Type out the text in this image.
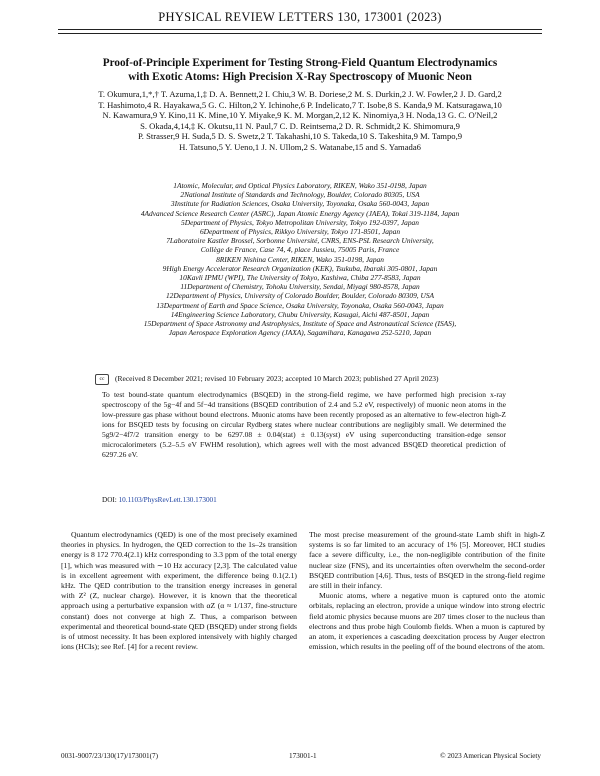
PHYSICAL REVIEW LETTERS 130, 173001 (2023)
Proof-of-Principle Experiment for Testing Strong-Field Quantum Electrodynamics
with Exotic Atoms: High Precision X-Ray Spectroscopy of Muonic Neon
T. Okumura,1,*,† T. Azuma,1,‡ D. A. Bennett,2 I. Chiu,3 W. B. Doriese,2 M. S. Durkin,2 J. W. Fowler,2 J. D. Gard,2
T. Hashimoto,4 R. Hayakawa,5 G. C. Hilton,2 Y. Ichinohe,6 P. Indelicato,7 T. Isobe,8 S. Kanda,9 M. Katsuragawa,10
N. Kawamura,9 Y. Kino,11 K. Mine,10 Y. Miyake,9 K. M. Morgan,2,12 K. Ninomiya,3 H. Noda,13 G. C. O'Neil,2
S. Okada,4,14,‡ K. Okutsu,11 N. Paul,7 C. D. Reintsema,2 D. R. Schmidt,2 K. Shimomura,9
P. Strasser,9 H. Suda,5 D. S. Swetz,2 T. Takahashi,10 S. Takeda,10 S. Takeshita,9 M. Tampo,9
H. Tatsuno,5 Y. Ueno,1 J. N. Ullom,2 S. Watanabe,15 and S. Yamada6

1Atomic, Molecular, and Optical Physics Laboratory, RIKEN, Wako 351-0198, Japan

2National Institute of Standards and Technology, Boulder, Colorado 80305, USA

3Institute for Radiation Sciences, Osaka University, Toyonaka, Osaka 560-0043, Japan

4Advanced Science Research Center (ASRC), Japan Atomic Energy Agency (JAEA), Tokai 319-1184, Japan

5Department of Physics, Tokyo Metropolitan University, Tokyo 192-0397, Japan

6Department of Physics, Rikkyo University, Tokyo 171-8501, Japan

7Laboratoire Kastler Brossel, Sorbonne Université, CNRS, ENS-PSL Research University,

Collège de France, Case 74, 4, place Jussieu, 75005 Paris, France

8RIKEN Nishina Center, RIKEN, Wako 351-0198, Japan

9High Energy Accelerator Research Organization (KEK), Tsukuba, Ibaraki 305-0801, Japan

10Kavli IPMU (WPI), The University of Tokyo, Kashiwa, Chiba 277-8583, Japan

11Department of Chemistry, Tohoku University, Sendai, Miyagi 980-8578, Japan

12Department of Physics, University of Colorado Boulder, Boulder, Colorado 80309, USA

13Department of Earth and Space Science, Osaka University, Toyonaka, Osaka 560-0043, Japan

14Engineering Science Laboratory, Chubu University, Kasugai, Aichi 487-8501, Japan

15Department of Space Astronomy and Astrophysics, Institute of Space and Astronautical Science (ISAS),

Japan Aerospace Exploration Agency (JAXA), Sagamihara, Kanagawa 252-5210, Japan

cc (Received 8 December 2021; revised 10 February 2023; accepted 10 March 2023; published 27 April 2023)
To test bound-state quantum electrodynamics (BSQED) in the strong-field regime, we have performed high precision x-ray spectroscopy of the 5g−4f and 5f−4d transitions (BSQED contribution of 2.4 and 5.2 eV, respectively) of muonic neon atoms in the low-pressure gas phase without bound electrons. Muonic atoms have been recently proposed as an alternative to few-electron high-Z ions for BSQED tests by focusing on circular Rydberg states where nuclear contributions are negligibly small. We determined the 5g9/2−4f7/2 transition energy to be 6297.08 ± 0.04(stat) ± 0.13(syst) eV using superconducting transition-edge sensor microcalorimeters (5.2–5.5 eV FWHM resolution), which agrees well with the most advanced BSQED theoretical prediction of 6297.26 eV.
DOI: 10.1103/PhysRevLett.130.173001

Quantum electrodynamics (QED) is one of the most precisely examined theories in physics. In hydrogen, the QED correction to the 1s–2s transition energy is 8 172 770.4(2.1) kHz corresponding to 3.3 ppm of the total energy [1], which was measured with ∼10 Hz accuracy [2,3]. The calculated value is in excellent agreement with experiment, the difference being 0.1(2.1) kHz. The QED contribution to the transition energy increases in general with Z² (Z, nuclear charge). However, it is known that the theoretical approach using a perturbative expansion with αZ (α ≈ 1/137, fine-structure constant) does not converge at high Z. Thus, a comparison between experimental and theoretical bound-state QED (BSQED) under strong fields is of utmost necessity. It has been explored intensively with highly charged ions (HCIs); see Ref. [4] for a recent review.

The most precise measurement of the ground-state Lamb shift in high-Z systems is so far limited to an accuracy of 1% [5]. Moreover, HCI studies face a severe difficulty, i.e., the non-negligible contribution of the finite nuclear size (FNS), and its uncertainties often overwhelm the second-order BSQED contribution [4,6]. Thus, tests of BSQED in the strong-field regime are still in their infancy.

Muonic atoms, where a negative muon is captured onto the atomic orbitals, replacing an electron, provide a unique window into strong electric field atomic physics because muons are 207 times closer to the nucleus than electrons and thus probe high Coulomb fields. When a muon is captured by an atom, it experiences a cascading deexcitation process by Auger electron emission, which results in the peeling off of the bound electrons of the atom.

0031-9007/23/130(17)/173001(7)	173001-1	© 2023 American Physical Society
